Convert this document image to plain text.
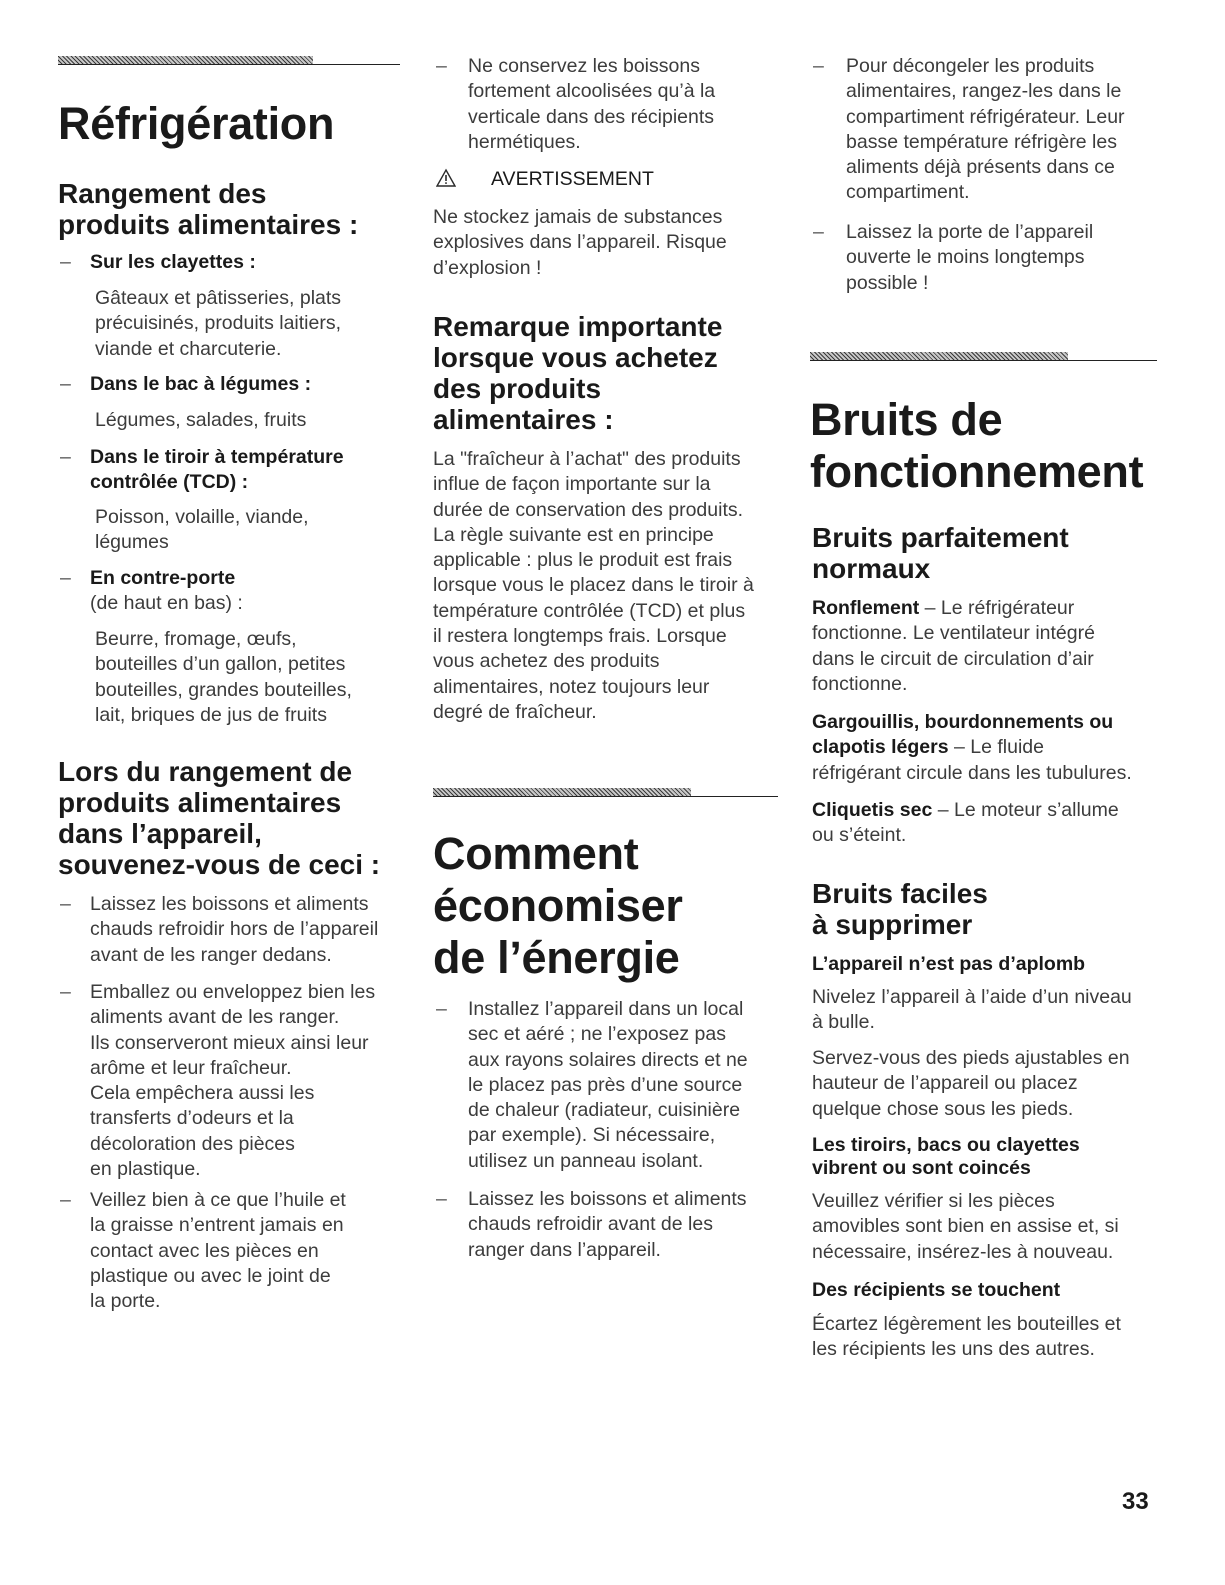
Réfrigération
Rangement des
produits alimentaires :
– Sur les clayettes :
Gâteaux et pâtisseries, plats
précuisinés, produits laitiers,
viande et charcuterie.
– Dans le bac à légumes :
Légumes, salades, fruits
– Dans le tiroir à température
contrôlée (TCD) :
Poisson, volaille, viande,
légumes
– En contre-porte
(de haut en bas) :
Beurre, fromage, œufs,
bouteilles d’un gallon, petites
bouteilles, grandes bouteilles,
lait, briques de jus de fruits
Lors du rangement de
produits alimentaires
dans l’appareil,
souvenez-vous de ceci :
– Laissez les boissons et aliments
chauds refroidir hors de l’appareil
avant de les ranger dedans.
– Emballez ou enveloppez bien les
aliments avant de les ranger.
Ils conserveront mieux ainsi leur
arôme et leur fraîcheur.
Cela empêchera aussi les
transferts d’odeurs et la
décoloration des pièces
en plastique.
– Veillez bien à ce que l’huile et
la graisse n’entrent jamais en
contact avec les pièces en
plastique ou avec le joint de
la porte.
– Ne conservez les boissons
fortement alcoolisées qu’à la
verticale dans des récipients
hermétiques.
AVERTISSEMENT
Ne stockez jamais de substances
explosives dans l’appareil. Risque
d’explosion !
Remarque importante
lorsque vous achetez
des produits
alimentaires :
La "fraîcheur à l’achat" des produits
influe de façon importante sur la
durée de conservation des produits.
La règle suivante est en principe
applicable : plus le produit est frais
lorsque vous le placez dans le tiroir à
température contrôlée (TCD) et plus
il restera longtemps frais. Lorsque
vous achetez des produits
alimentaires, notez toujours leur
degré de fraîcheur.
Comment
économiser
de l’énergie
– Installez l’appareil dans un local
sec et aéré ; ne l’exposez pas
aux rayons solaires directs et ne
le placez pas près d’une source
de chaleur (radiateur, cuisinière
par exemple). Si nécessaire,
utilisez un panneau isolant.
– Laissez les boissons et aliments
chauds refroidir avant de les
ranger dans l’appareil.
– Pour décongeler les produits
alimentaires, rangez-les dans le
compartiment réfrigérateur. Leur
basse température réfrigère les
aliments déjà présents dans ce
compartiment.
– Laissez la porte de l’appareil
ouverte le moins longtemps
possible !
Bruits de
fonctionnement
Bruits parfaitement
normaux
Ronflement – Le réfrigérateur
fonctionne. Le ventilateur intégré
dans le circuit de circulation d’air
fonctionne.
Gargouillis, bourdonnements ou
clapotis légers – Le fluide
réfrigérant circule dans les tubulures.
Cliquetis sec – Le moteur s’allume
ou s’éteint.
Bruits faciles
à supprimer
L’appareil n’est pas d’aplomb
Nivelez l’appareil à l’aide d’un niveau
à bulle.
Servez-vous des pieds ajustables en
hauteur de l’appareil ou placez
quelque chose sous les pieds.
Les tiroirs, bacs ou clayettes
vibrent ou sont coincés
Veuillez vérifier si les pièces
amovibles sont bien en assise et, si
nécessaire, insérez-les à nouveau.
Des récipients se touchent
Écartez légèrement les bouteilles et
les récipients les uns des autres.
33
